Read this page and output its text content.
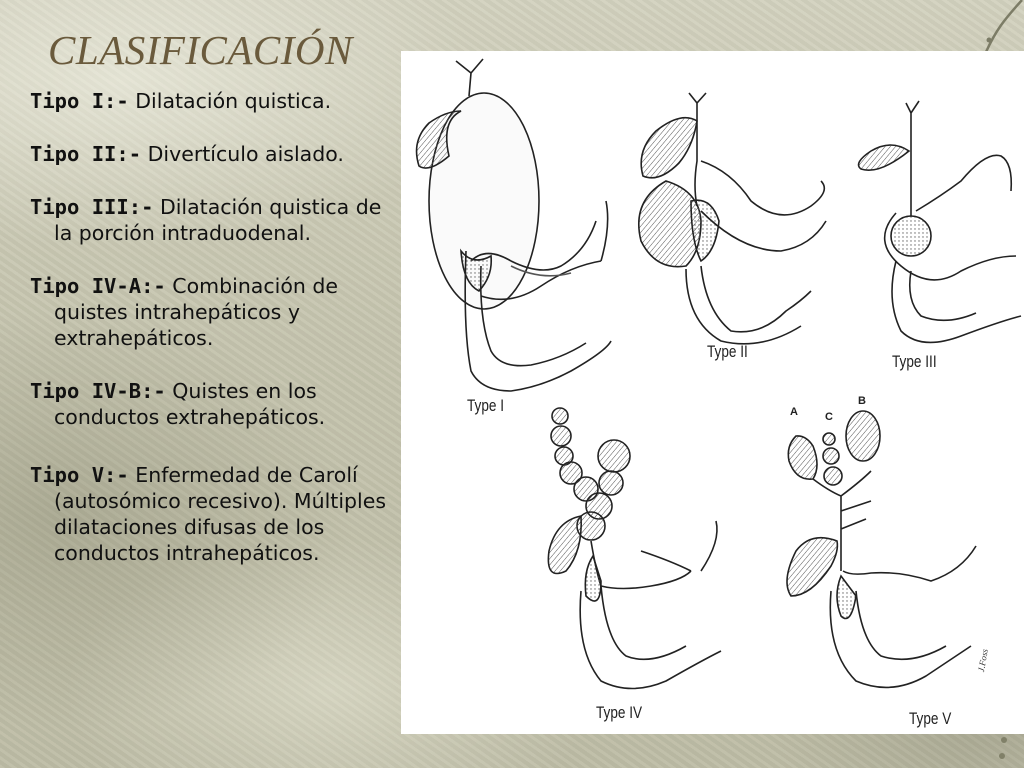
CLASIFICACIÓN
Tipo I:- Dilatación quistica.
Tipo II:- Divertículo aislado.
Tipo III:- Dilatación quistica de la porción intraduodenal.
Tipo IV-A:- Combinación de quistes intrahepáticos y extrahepáticos.
Tipo IV-B:- Quistes en los conductos extrahepáticos.
Tipo V:- Enfermedad de Carolí (autosómico recesivo). Múltiples dilataciones difusas de los conductos intrahepáticos.
Type I
Type II
Type III
Type IV	Type V
A C
B
J.Foss
